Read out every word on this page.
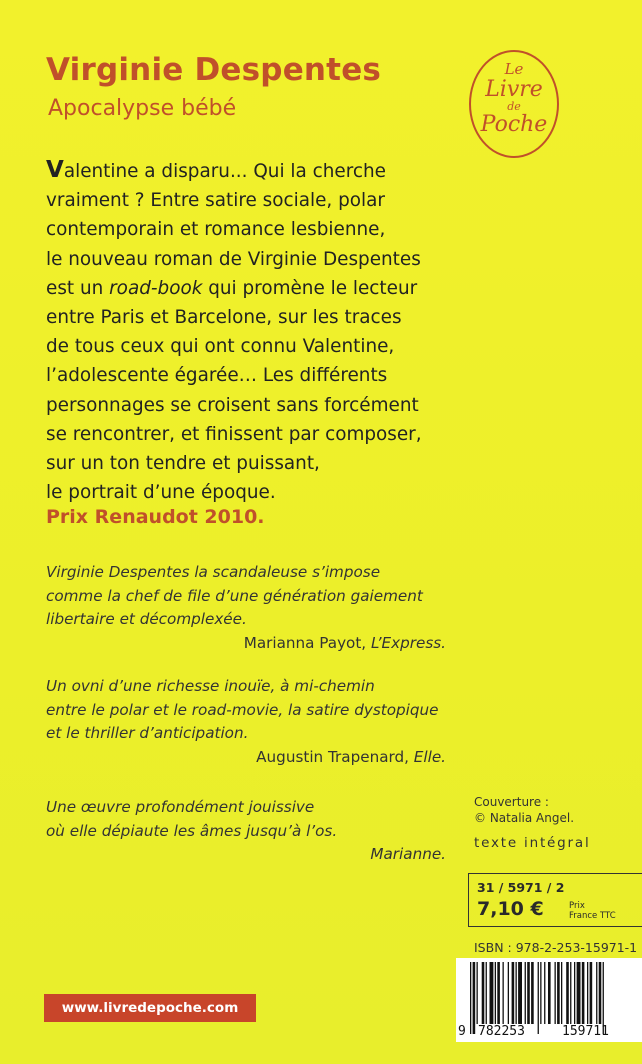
Virginie Despentes
Apocalypse bébé
Le
Livre
de
Poche
Valentine a disparu... Qui la cherche
vraiment ? Entre satire sociale, polar
contemporain et romance lesbienne,
le nouveau roman de Virginie Despentes
est un road-book qui promène le lecteur
entre Paris et Barcelone, sur les traces
de tous ceux qui ont connu Valentine,
l’adolescente égarée… Les différents
personnages se croisent sans forcément
se rencontrer, et finissent par composer,
sur un ton tendre et puissant,
le portrait d’une époque.
Prix Renaudot 2010.
Virginie Despentes la scandaleuse s’impose
comme la chef de file d’une génération gaiement
libertaire et décomplexée.
Marianna Payot, L’Express.
Un ovni d’une richesse inouïe, à mi-chemin
entre le polar et le road-movie, la satire dystopique
et le thriller d’anticipation.
Augustin Trapenard, Elle.
Une œuvre profondément jouissive
où elle dépiaute les âmes jusqu’à l’os.
Marianne.
Couverture :
© Natalia Angel.
texte intégral
31 / 5971 / 2
7,10 €	Prix
France TTC
ISBN : 978-2-253-15971-1
9 782253	159711
www.livredepoche.com
